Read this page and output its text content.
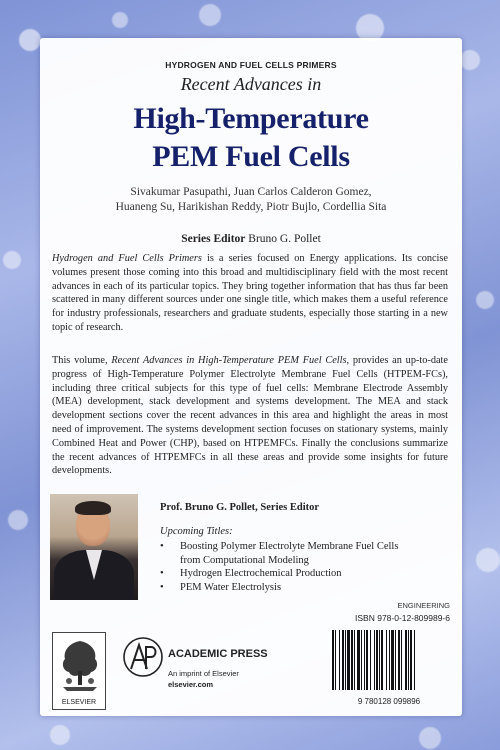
HYDROGEN AND FUEL CELLS PRIMERS
Recent Advances in
High-Temperature
PEM Fuel Cells
Sivakumar Pasupathi, Juan Carlos Calderon Gomez,
Huaneng Su, Harikishan Reddy, Piotr Bujlo, Cordellia Sita
Series Editor Bruno G. Pollet

Hydrogen and Fuel Cells Primers is a series focused on Energy applications. Its concise volumes present those coming into this broad and multidisciplinary field with the most recent advances in each of its particular topics. They bring together information that has thus far been scattered in many different sources under one single title, which makes them a useful reference for industry professionals, researchers and graduate students, especially those starting in a new topic of research.

This volume, Recent Advances in High-Temperature PEM Fuel Cells, provides an up-to-date progress of High-Temperature Polymer Electrolyte Membrane Fuel Cells (HTPEM-FCs), including three critical subjects for this type of fuel cells: Membrane Electrode Assembly (MEA) development, stack development and systems development. The MEA and stack development sections cover the recent advances in this area and highlight the areas in most need of improvement. The systems development section focuses on stationary systems, mainly Combined Heat and Power (CHP), based on HTPEMFCs. Finally the conclusions summarize the recent advances of HTPEMFCs in all these areas and provide some insights for future developments.

Prof. Bruno G. Pollet, Series Editor
Upcoming Titles:
• Boosting Polymer Electrolyte Membrane Fuel Cells from Computational Modeling
• Hydrogen Electrochemical Production
• PEM Water Electrolysis
ENGINEERING
ISBN 978-0-12-809989-6
ELSEVIER
ACADEMIC PRESS
An imprint of Elsevier
elsevier.com
9 780128 099896
